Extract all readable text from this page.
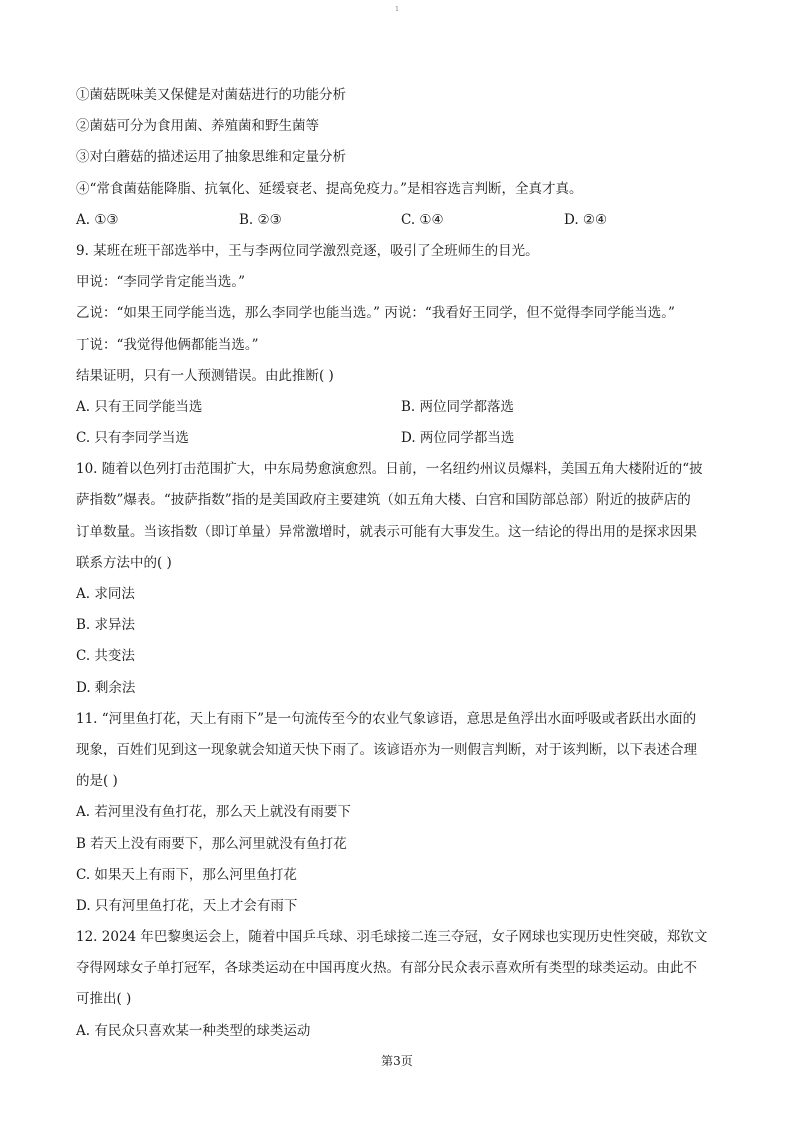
1
①菌菇既味美又保健是对菌菇进行的功能分析
②菌菇可分为食用菌、养殖菌和野生菌等
③对白蘑菇的描述运用了抽象思维和定量分析
④“常食菌菇能降脂、抗氧化、延缓衰老、提高免疫力。”是相容选言判断，全真才真。
A. ①③	B. ②③	C. ①④	D. ②④
9. 某班在班干部选举中，王与李两位同学激烈竞逐，吸引了全班师生的目光。
甲说：“李同学肯定能当选。”
乙说：“如果王同学能当选，那么李同学也能当选。” 丙说：“我看好王同学，但不觉得李同学能当选。”
丁说：“我觉得他俩都能当选。”
结果证明，只有一人预测错误。由此推断( )
A. 只有王同学能当选	B. 两位同学都落选
C. 只有李同学当选	D. 两位同学都当选
10. 随着以色列打击范围扩大，中东局势愈演愈烈。日前，一名纽约州议员爆料，美国五角大楼附近的“披
萨指数”爆表。“披萨指数”指的是美国政府主要建筑（如五角大楼、白宫和国防部总部）附近的披萨店的
订单数量。当该指数（即订单量）异常激增时，就表示可能有大事发生。这一结论的得出用的是探求因果
联系方法中的( )
A. 求同法
B. 求异法
C. 共变法
D. 剩余法
11. “河里鱼打花，天上有雨下”是一句流传至今的农业气象谚语，意思是鱼浮出水面呼吸或者跃出水面的
现象，百姓们见到这一现象就会知道天快下雨了。该谚语亦为一则假言判断，对于该判断，以下表述合理
的是( )
A. 若河里没有鱼打花，那么天上就没有雨要下
B 若天上没有雨要下，那么河里就没有鱼打花
C. 如果天上有雨下，那么河里鱼打花
D. 只有河里鱼打花，天上才会有雨下
12. 2024 年巴黎奥运会上，随着中国乒乓球、羽毛球接二连三夺冠，女子网球也实现历史性突破，郑钦文
夺得网球女子单打冠军，各球类运动在中国再度火热。有部分民众表示喜欢所有类型的球类运动。由此不
可推出( )
A. 有民众只喜欢某一种类型的球类运动
第3页
